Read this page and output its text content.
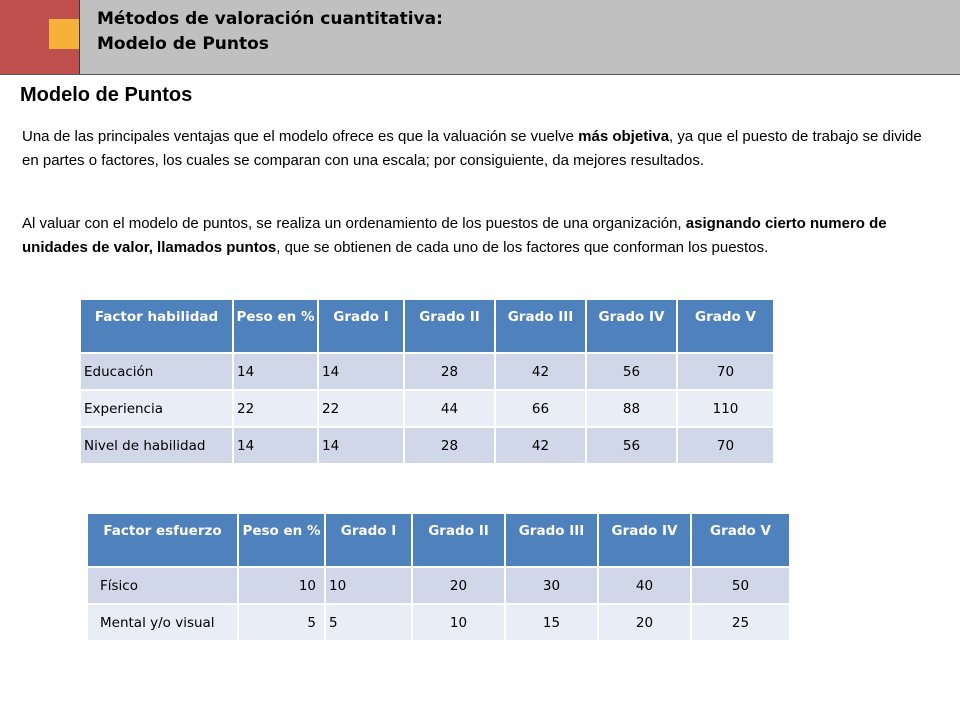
Métodos de valoración cuantitativa:
Modelo de Puntos
Modelo de Puntos
Una de las principales ventajas que el modelo ofrece es que la valuación se vuelve más objetiva, ya que el puesto de trabajo se divide en partes o factores, los cuales se comparan con una escala; por consiguiente, da mejores resultados.
Al valuar con el modelo de puntos, se realiza un ordenamiento de los puestos de una organización, asignando cierto numero de unidades de valor, llamados puntos, que se obtienen de cada uno de los factores que conforman los puestos.
Factor habilidad	Peso en %	Grado I	Grado II	Grado III	Grado IV	Grado V
Educación	14	14	28	42	56	70
Experiencia	22	22	44	66	88	110
Nivel de habilidad	14	14	28	42	56	70
Factor esfuerzo	Peso en %	Grado I	Grado II	Grado III	Grado IV	Grado V
Físico	10	10	20	30	40	50
Mental y/o visual	5	5	10	15	20	25
